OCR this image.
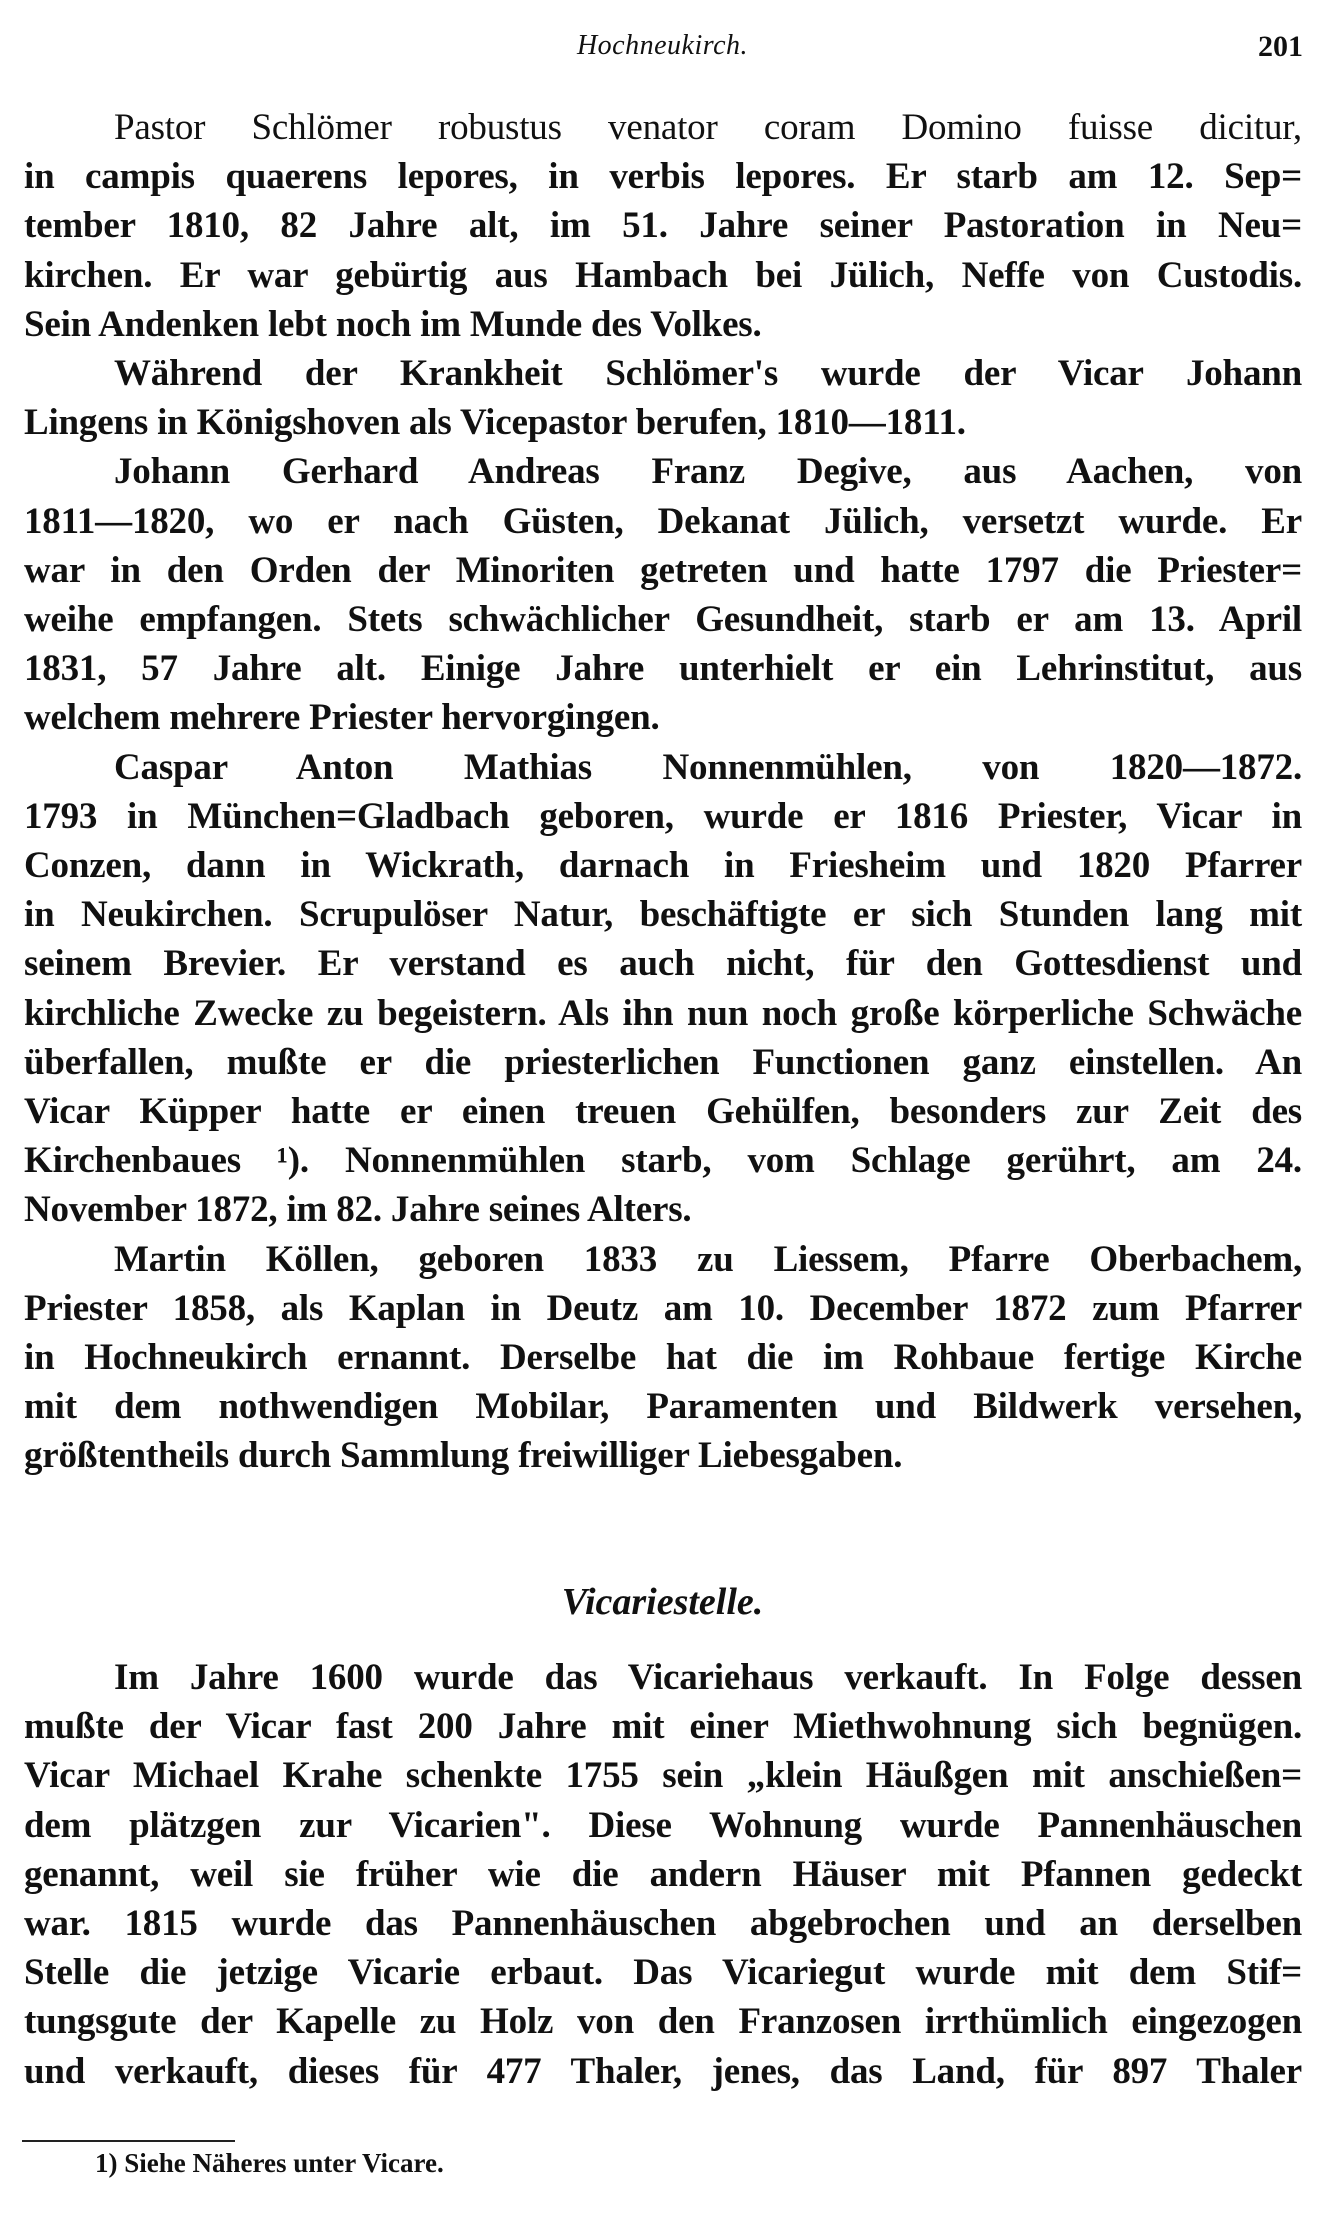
Hochneukirch.	201
Pastor Schlömer robustus venator coram Domino fuisse dicitur,
in campis quaerens lepores, in verbis lepores. Er starb am 12. Sep=
tember 1810, 82 Jahre alt, im 51. Jahre seiner Pastoration in Neu=
kirchen. Er war gebürtig aus Hambach bei Jülich, Neffe von Custodis.
Sein Andenken lebt noch im Munde des Volkes.
Während der Krankheit Schlömer's wurde der Vicar Johann
Lingens in Königshoven als Vicepastor berufen, 1810—1811.
Johann Gerhard Andreas Franz Degive, aus Aachen, von
1811—1820, wo er nach Güsten, Dekanat Jülich, versetzt wurde. Er
war in den Orden der Minoriten getreten und hatte 1797 die Priester=
weihe empfangen. Stets schwächlicher Gesundheit, starb er am 13. April
1831, 57 Jahre alt. Einige Jahre unterhielt er ein Lehrinstitut, aus
welchem mehrere Priester hervorgingen.
Caspar Anton Mathias Nonnenmühlen, von 1820—1872.
1793 in München=Gladbach geboren, wurde er 1816 Priester, Vicar in
Conzen, dann in Wickrath, darnach in Friesheim und 1820 Pfarrer
in Neukirchen. Scrupulöser Natur, beschäftigte er sich Stunden lang mit
seinem Brevier. Er verstand es auch nicht, für den Gottesdienst und
kirchliche Zwecke zu begeistern. Als ihn nun noch große körperliche Schwäche
überfallen, mußte er die priesterlichen Functionen ganz einstellen. An
Vicar Küpper hatte er einen treuen Gehülfen, besonders zur Zeit des
Kirchenbaues ¹). Nonnenmühlen starb, vom Schlage gerührt, am 24.
November 1872, im 82. Jahre seines Alters.
Martin Köllen, geboren 1833 zu Liessem, Pfarre Oberbachem,
Priester 1858, als Kaplan in Deutz am 10. December 1872 zum Pfarrer
in Hochneukirch ernannt. Derselbe hat die im Rohbaue fertige Kirche
mit dem nothwendigen Mobilar, Paramenten und Bildwerk versehen,
größtentheils durch Sammlung freiwilliger Liebesgaben.
Vicariestelle.
Im Jahre 1600 wurde das Vicariehaus verkauft. In Folge dessen
mußte der Vicar fast 200 Jahre mit einer Miethwohnung sich begnügen.
Vicar Michael Krahe schenkte 1755 sein „klein Häußgen mit anschießen=
dem plätzgen zur Vicarien". Diese Wohnung wurde Pannenhäuschen
genannt, weil sie früher wie die andern Häuser mit Pfannen gedeckt
war. 1815 wurde das Pannenhäuschen abgebrochen und an derselben
Stelle die jetzige Vicarie erbaut. Das Vicariegut wurde mit dem Stif=
tungsgute der Kapelle zu Holz von den Franzosen irrthümlich eingezogen
und verkauft, dieses für 477 Thaler, jenes, das Land, für 897 Thaler
1) Siehe Näheres unter Vicare.
